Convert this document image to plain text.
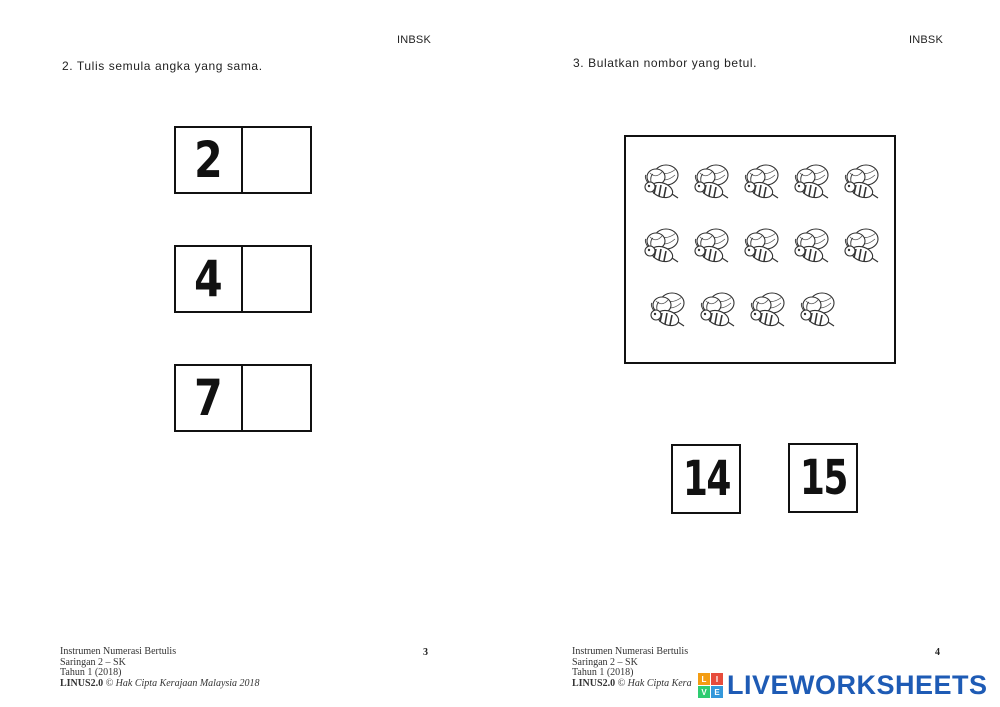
INBSK
2. Tulis semula angka yang sama.
2
4
7
Instrumen Numerasi Bertulis
Saringan 2 – SK
Tahun 1 (2018)
LINUS2.0 © Hak Cipta Kerajaan Malaysia 2018
3
INBSK
3. Bulatkan nombor yang betul.
14 15
Instrumen Numerasi Bertulis
Saringan 2 – SK
Tahun 1 (2018)
LINUS2.0 © Hak Cipta Kera
4
L	I
V E LIVEWORKSHEETS
